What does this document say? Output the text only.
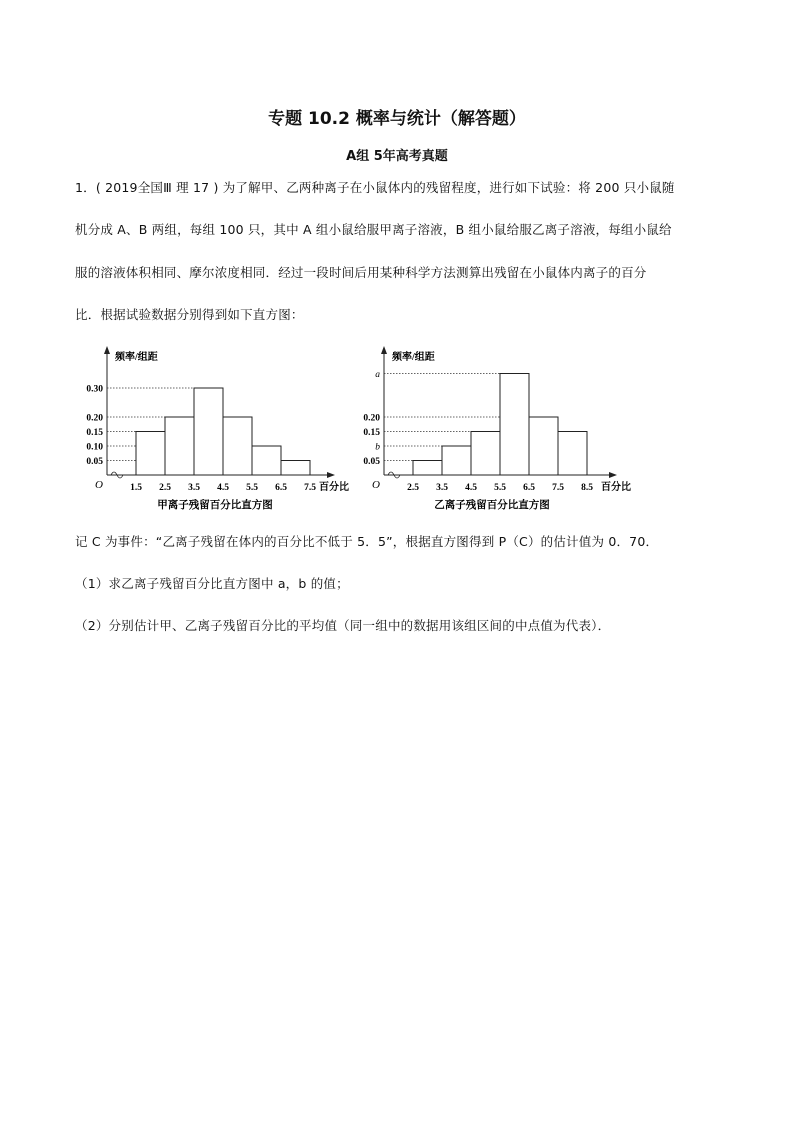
专题 10.2 概率与统计（解答题）
A组 5年高考真题
1．( 2019全国Ⅲ 理 17 ) 为了解甲、乙两种离子在小鼠体内的残留程度，进行如下试验：将 200 只小鼠随
机分成 A、B 两组，每组 100 只，其中 A 组小鼠给服甲离子溶液，B 组小鼠给服乙离子溶液，每组小鼠给
服的溶液体积相同、摩尔浓度相同．经过一段时间后用某种科学方法测算出残留在小鼠体内离子的百分
比．根据试验数据分别得到如下直方图：
频率/组距
百分比
O
甲离子残留百分比直方图
0.05
0.10
0.15
0.20
0.30
1.5 2.5 3.5 4.5 5.5 6.5 7.5
频率/组距
百分比
O
乙离子残留百分比直方图
0.05
b
0.15
0.20
a
2.5 3.5 4.5 5.5 6.5 7.5 8.5
记 C 为事件：“乙离子残留在体内的百分比不低于 5．5”，根据直方图得到 P（C）的估计值为 0．70．
（1）求乙离子残留百分比直方图中 a，b 的值；
（2）分别估计甲、乙离子残留百分比的平均值（同一组中的数据用该组区间的中点值为代表）．
